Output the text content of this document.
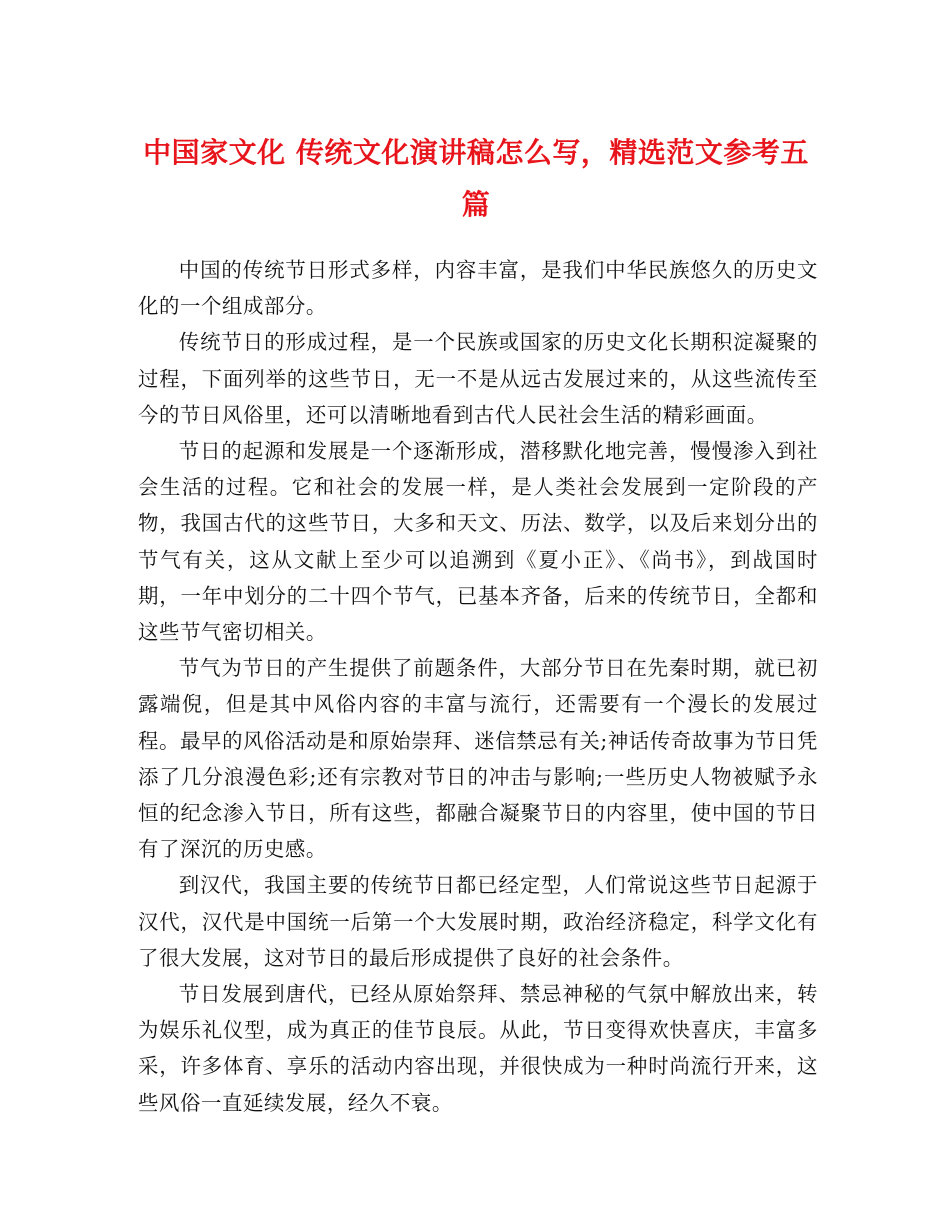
中国家文化 传统文化演讲稿怎么写，精选范文参考五篇

中国的传统节日形式多样，内容丰富，是我们中华民族悠久的历史文化的一个组成部分。

传统节日的形成过程，是一个民族或国家的历史文化长期积淀凝聚的过程，下面列举的这些节日，无一不是从远古发展过来的，从这些流传至今的节日风俗里，还可以清晰地看到古代人民社会生活的精彩画面。

节日的起源和发展是一个逐渐形成，潜移默化地完善，慢慢渗入到社会生活的过程。它和社会的发展一样，是人类社会发展到一定阶段的产物，我国古代的这些节日，大多和天文、历法、数学，以及后来划分出的节气有关，这从文献上至少可以追溯到《夏小正》、《尚书》，到战国时期，一年中划分的二十四个节气，已基本齐备，后来的传统节日，全都和这些节气密切相关。

节气为节日的产生提供了前题条件，大部分节日在先秦时期，就已初露端倪，但是其中风俗内容的丰富与流行，还需要有一个漫长的发展过程。最早的风俗活动是和原始崇拜、迷信禁忌有关;神话传奇故事为节日凭添了几分浪漫色彩;还有宗教对节日的冲击与影响;一些历史人物被赋予永恒的纪念渗入节日，所有这些，都融合凝聚节日的内容里，使中国的节日有了深沉的历史感。

到汉代，我国主要的传统节日都已经定型，人们常说这些节日起源于汉代，汉代是中国统一后第一个大发展时期，政治经济稳定，科学文化有了很大发展，这对节日的最后形成提供了良好的社会条件。

节日发展到唐代，已经从原始祭拜、禁忌神秘的气氛中解放出来，转为娱乐礼仪型，成为真正的佳节良辰。从此，节日变得欢快喜庆，丰富多采，许多体育、享乐的活动内容出现，并很快成为一种时尚流行开来，这些风俗一直延续发展，经久不衰。
